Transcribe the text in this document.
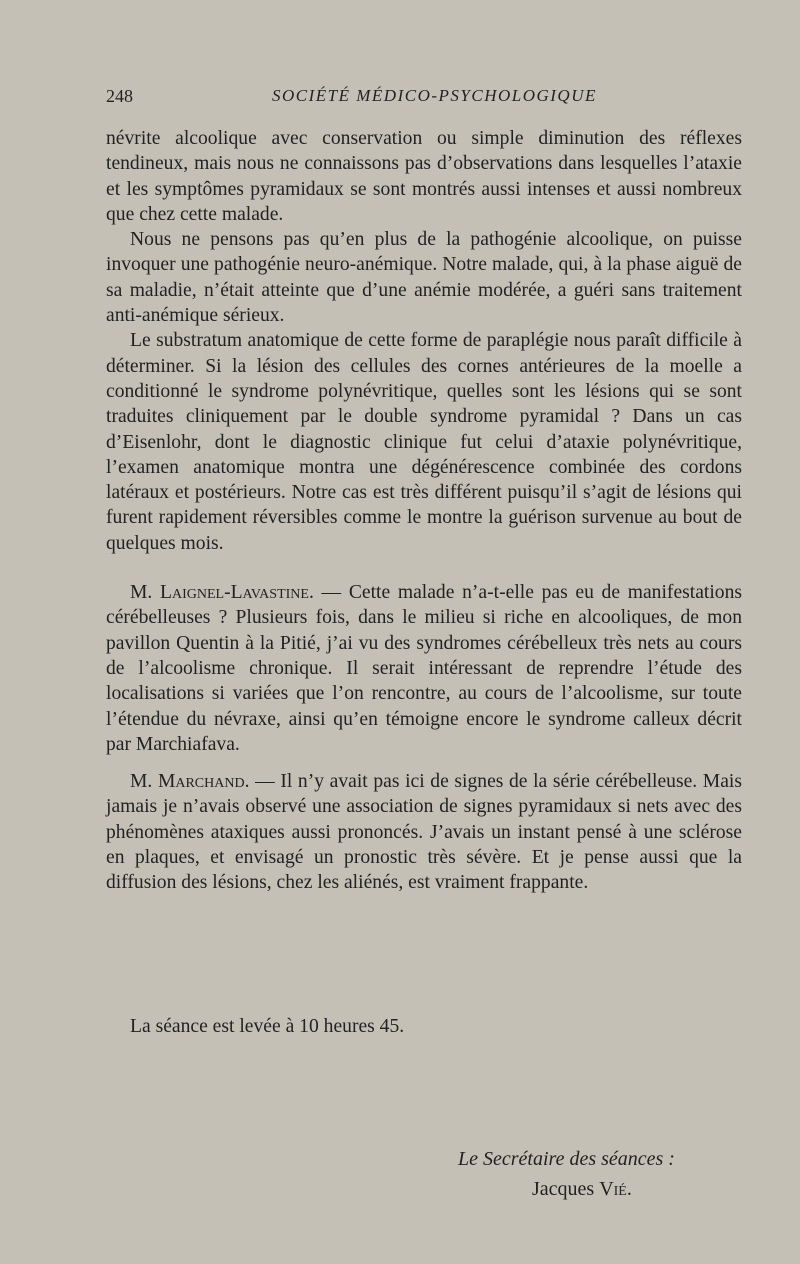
248	SOCIÉTÉ MÉDICO-PSYCHOLOGIQUE

névrite alcoolique avec conservation ou simple diminution des réflexes tendineux, mais nous ne connaissons pas d’observations dans lesquelles l’ataxie et les symptômes pyramidaux se sont montrés aussi intenses et aussi nombreux que chez cette malade.

Nous ne pensons pas qu’en plus de la pathogénie alcoolique, on puisse invoquer une pathogénie neuro-anémique. Notre malade, qui, à la phase aiguë de sa maladie, n’était atteinte que d’une anémie modérée, a guéri sans traitement anti-anémique sérieux.

Le substratum anatomique de cette forme de paraplégie nous paraît difficile à déterminer. Si la lésion des cellules des cornes antérieures de la moelle a conditionné le syndrome polynévritique, quelles sont les lésions qui se sont traduites cliniquement par le double syndrome pyramidal ? Dans un cas d’Eisenlohr, dont le diagnostic clinique fut celui d’ataxie polynévritique, l’examen anatomique montra une dégénérescence combinée des cordons latéraux et postérieurs. Notre cas est très différent puisqu’il s’agit de lésions qui furent rapidement réversibles comme le montre la guérison survenue au bout de quelques mois.

M. Laignel-Lavastine. — Cette malade n’a-t-elle pas eu de manifestations cérébelleuses ? Plusieurs fois, dans le milieu si riche en alcooliques, de mon pavillon Quentin à la Pitié, j’ai vu des syndromes cérébelleux très nets au cours de l’alcoolisme chronique. Il serait intéressant de reprendre l’étude des localisations si variées que l’on rencontre, au cours de l’alcoolisme, sur toute l’étendue du névraxe, ainsi qu’en témoigne encore le syndrome calleux décrit par Marchiafava.

M. Marchand. — Il n’y avait pas ici de signes de la série cérébelleuse. Mais jamais je n’avais observé une association de signes pyramidaux si nets avec des phénomènes ataxiques aussi prononcés. J’avais un instant pensé à une sclérose en plaques, et envisagé un pronostic très sévère. Et je pense aussi que la diffusion des lésions, chez les aliénés, est vraiment frappante.

La séance est levée à 10 heures 45.
Le Secrétaire des séances :
Jacques Vié.
